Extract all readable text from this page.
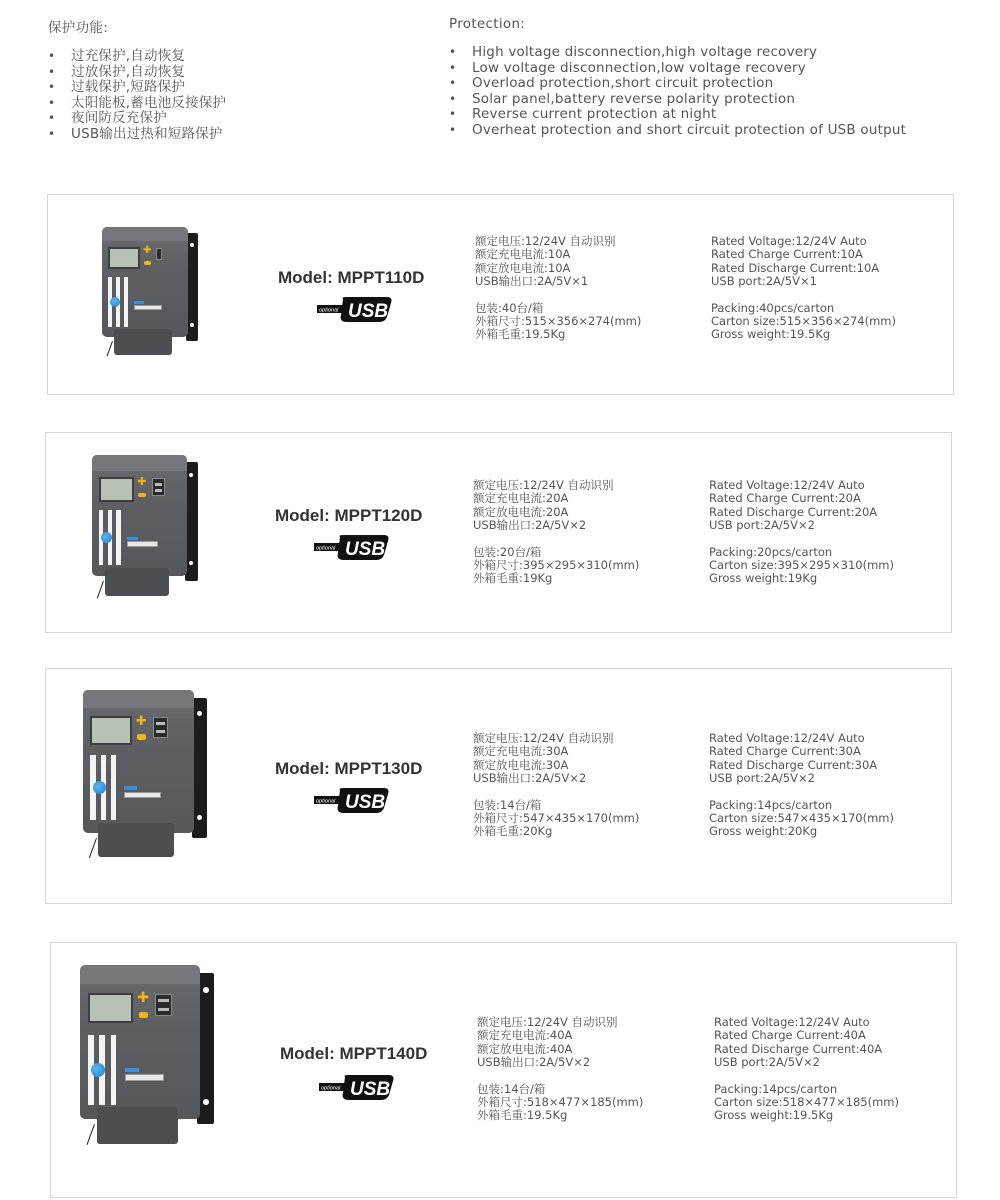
保护功能:
• 过充保护,自动恢复
• 过放保护,自动恢复
• 过载保护,短路保护
• 太阳能板,蓄电池反接保护
• 夜间防反充保护
• USB输出过热和短路保护
Protection:
• High voltage disconnection,high voltage recovery
• Low voltage disconnection,low voltage recovery
• Overload protection,short circuit protection
• Solar panel,battery reverse polarity protection
• Reverse current protection at night
• Overheat protection and short circuit protection of USB output
✚
Model: MPPT110D
optional USB
额定电压:12/24V 自动识别
额定充电电流:10A
额定放电电流:10A
USB输出口:2A/5V×1
包装:40台/箱
外箱尺寸:515×356×274(mm)
外箱毛重:19.5Kg
Rated Voltage:12/24V Auto
Rated Charge Current:10A
Rated Discharge Current:10A
USB port:2A/5V×1
Packing:40pcs/carton
Carton size:515×356×274(mm)
Gross weight:19.5Kg
✚
Model: MPPT120D
optional USB
额定电压:12/24V 自动识别
额定充电电流:20A
额定放电电流:20A
USB输出口:2A/5V×2
包装:20台/箱
外箱尺寸:395×295×310(mm)
外箱毛重:19Kg
Rated Voltage:12/24V Auto
Rated Charge Current:20A
Rated Discharge Current:20A
USB port:2A/5V×2
Packing:20pcs/carton
Carton size:395×295×310(mm)
Gross weight:19Kg
✚
Model: MPPT130D
optional USB
额定电压:12/24V 自动识别
额定充电电流:30A
额定放电电流:30A
USB输出口:2A/5V×2
包装:14台/箱
外箱尺寸:547×435×170(mm)
外箱毛重:20Kg
Rated Voltage:12/24V Auto
Rated Charge Current:30A
Rated Discharge Current:30A
USB port:2A/5V×2
Packing:14pcs/carton
Carton size:547×435×170(mm)
Gross weight:20Kg
✚
Model: MPPT140D
optional USB
额定电压:12/24V 自动识别
额定充电电流:40A
额定放电电流:40A
USB输出口:2A/5V×2
包装:14台/箱
外箱尺寸:518×477×185(mm)
外箱毛重:19.5Kg
Rated Voltage:12/24V Auto
Rated Charge Current:40A
Rated Discharge Current:40A
USB port:2A/5V×2
Packing:14pcs/carton
Carton size:518×477×185(mm)
Gross weight:19.5Kg
